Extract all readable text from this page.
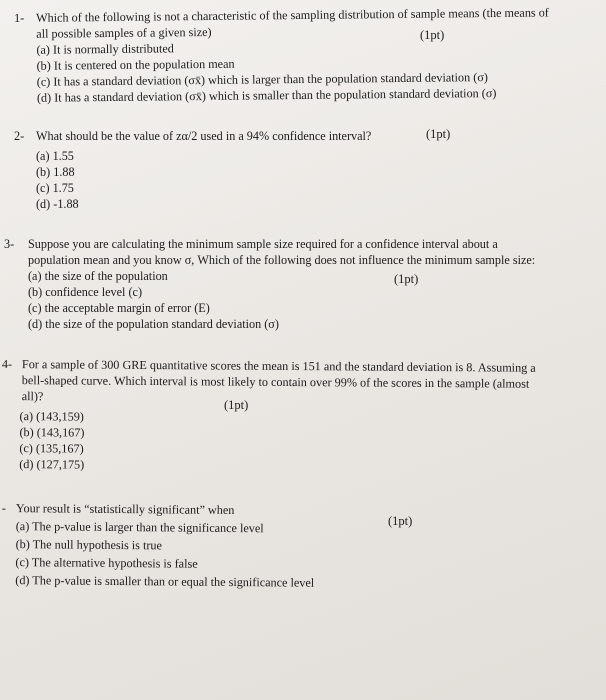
1- Which of the following is not a characteristic of the sampling distribution of sample means (the means of
all possible samples of a given size)
(a) It is normally distributed
(b) It is centered on the population mean
(c) It has a standard deviation (σx̄) which is larger than the population standard deviation (σ)
(d) It has a standard deviation (σx̄) which is smaller than the population standard deviation (σ)
(1pt)
2- What should be the value of zα/2 used in a 94% confidence interval?
(a) 1.55
(b) 1.88
(c) 1.75
(d) -1.88
(1pt)
3- Suppose you are calculating the minimum sample size required for a confidence interval about a
population mean and you know σ, Which of the following does not influence the minimum sample size:
(a) the size of the population
(b) confidence level (c)
(c) the acceptable margin of error (E)
(d) the size of the population standard deviation (σ)
(1pt)
4- For a sample of 300 GRE quantitative scores the mean is 151 and the standard deviation is 8. Assuming a
bell-shaped curve. Which interval is most likely to contain over 99% of the scores in the sample (almost
all)?
(a) (143,159)
(b) (143,167)
(c) (135,167)
(d) (127,175)
(1pt)
- Your result is “statistically significant” when
(a) The p-value is larger than the significance level
(b) The null hypothesis is true
(c) The alternative hypothesis is false
(d) The p-value is smaller than or equal the significance level
(1pt)
